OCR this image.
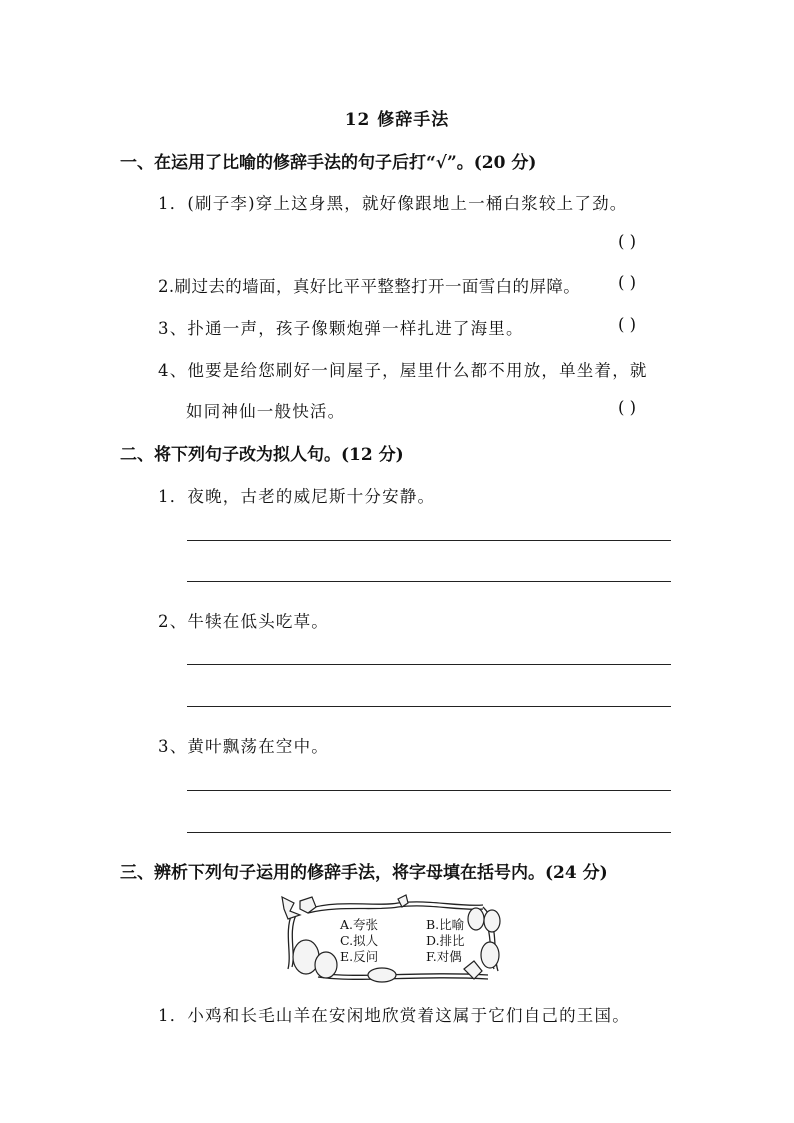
12 修辞手法
一、在运用了比喻的修辞手法的句子后打“√”。(20 分)
1．(刷子李)穿上这身黑，就好像跟地上一桶白浆较上了劲。
( )
2.刷过去的墙面，真好比平平整整打开一面雪白的屏障。 ( )
3、扑通一声，孩子像颗炮弹一样扎进了海里。	( )
4、他要是给您刷好一间屋子，屋里什么都不用放，单坐着，就
如同神仙一般快活。	( )
二、将下列句子改为拟人句。(12 分)
1．夜晚，古老的威尼斯十分安静。
2、牛犊在低头吃草。
3、黄叶飘荡在空中。
三、辨析下列句子运用的修辞手法，将字母填在括号内。(24 分)
A.夸张	B.比喻
C.拟人	D.排比
E.反问	F.对偶
1．小鸡和长毛山羊在安闲地欣赏着这属于它们自己的王国。
